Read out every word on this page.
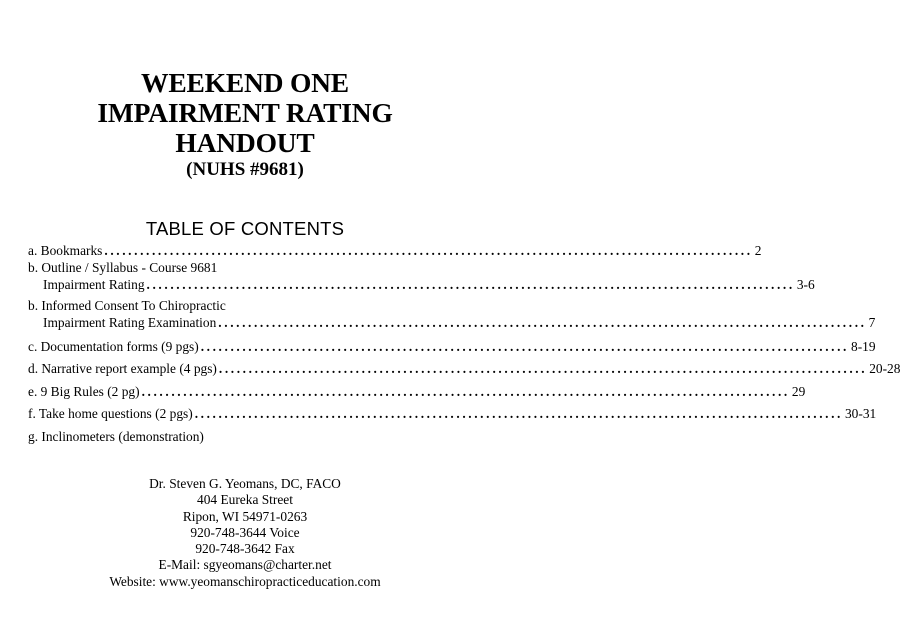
WEEKEND ONE
IMPAIRMENT RATING
HANDOUT
(NUHS #9681)
TABLE OF CONTENTS
a. Bookmarks ............................................................................................................. 2
b. Outline / Syllabus - Course 9681
Impairment Rating ............................................................................................................. 3-6
b. Informed Consent To Chiropractic
Impairment Rating Examination ............................................................................................................. 7
c. Documentation forms (9 pgs) ............................................................................................................. 8-19
d. Narrative report example (4 pgs) ............................................................................................................. 20-28
e. 9 Big Rules (2 pg) ............................................................................................................. 29
f. Take home questions (2 pgs) ............................................................................................................. 30-31
g. Inclinometers (demonstration)
Dr. Steven G. Yeomans, DC, FACO
404 Eureka Street
Ripon, WI 54971-0263
920-748-3644 Voice
920-748-3642 Fax
E-Mail: sgyeomans@charter.net
Website: www.yeomanschiropracticeducation.com
